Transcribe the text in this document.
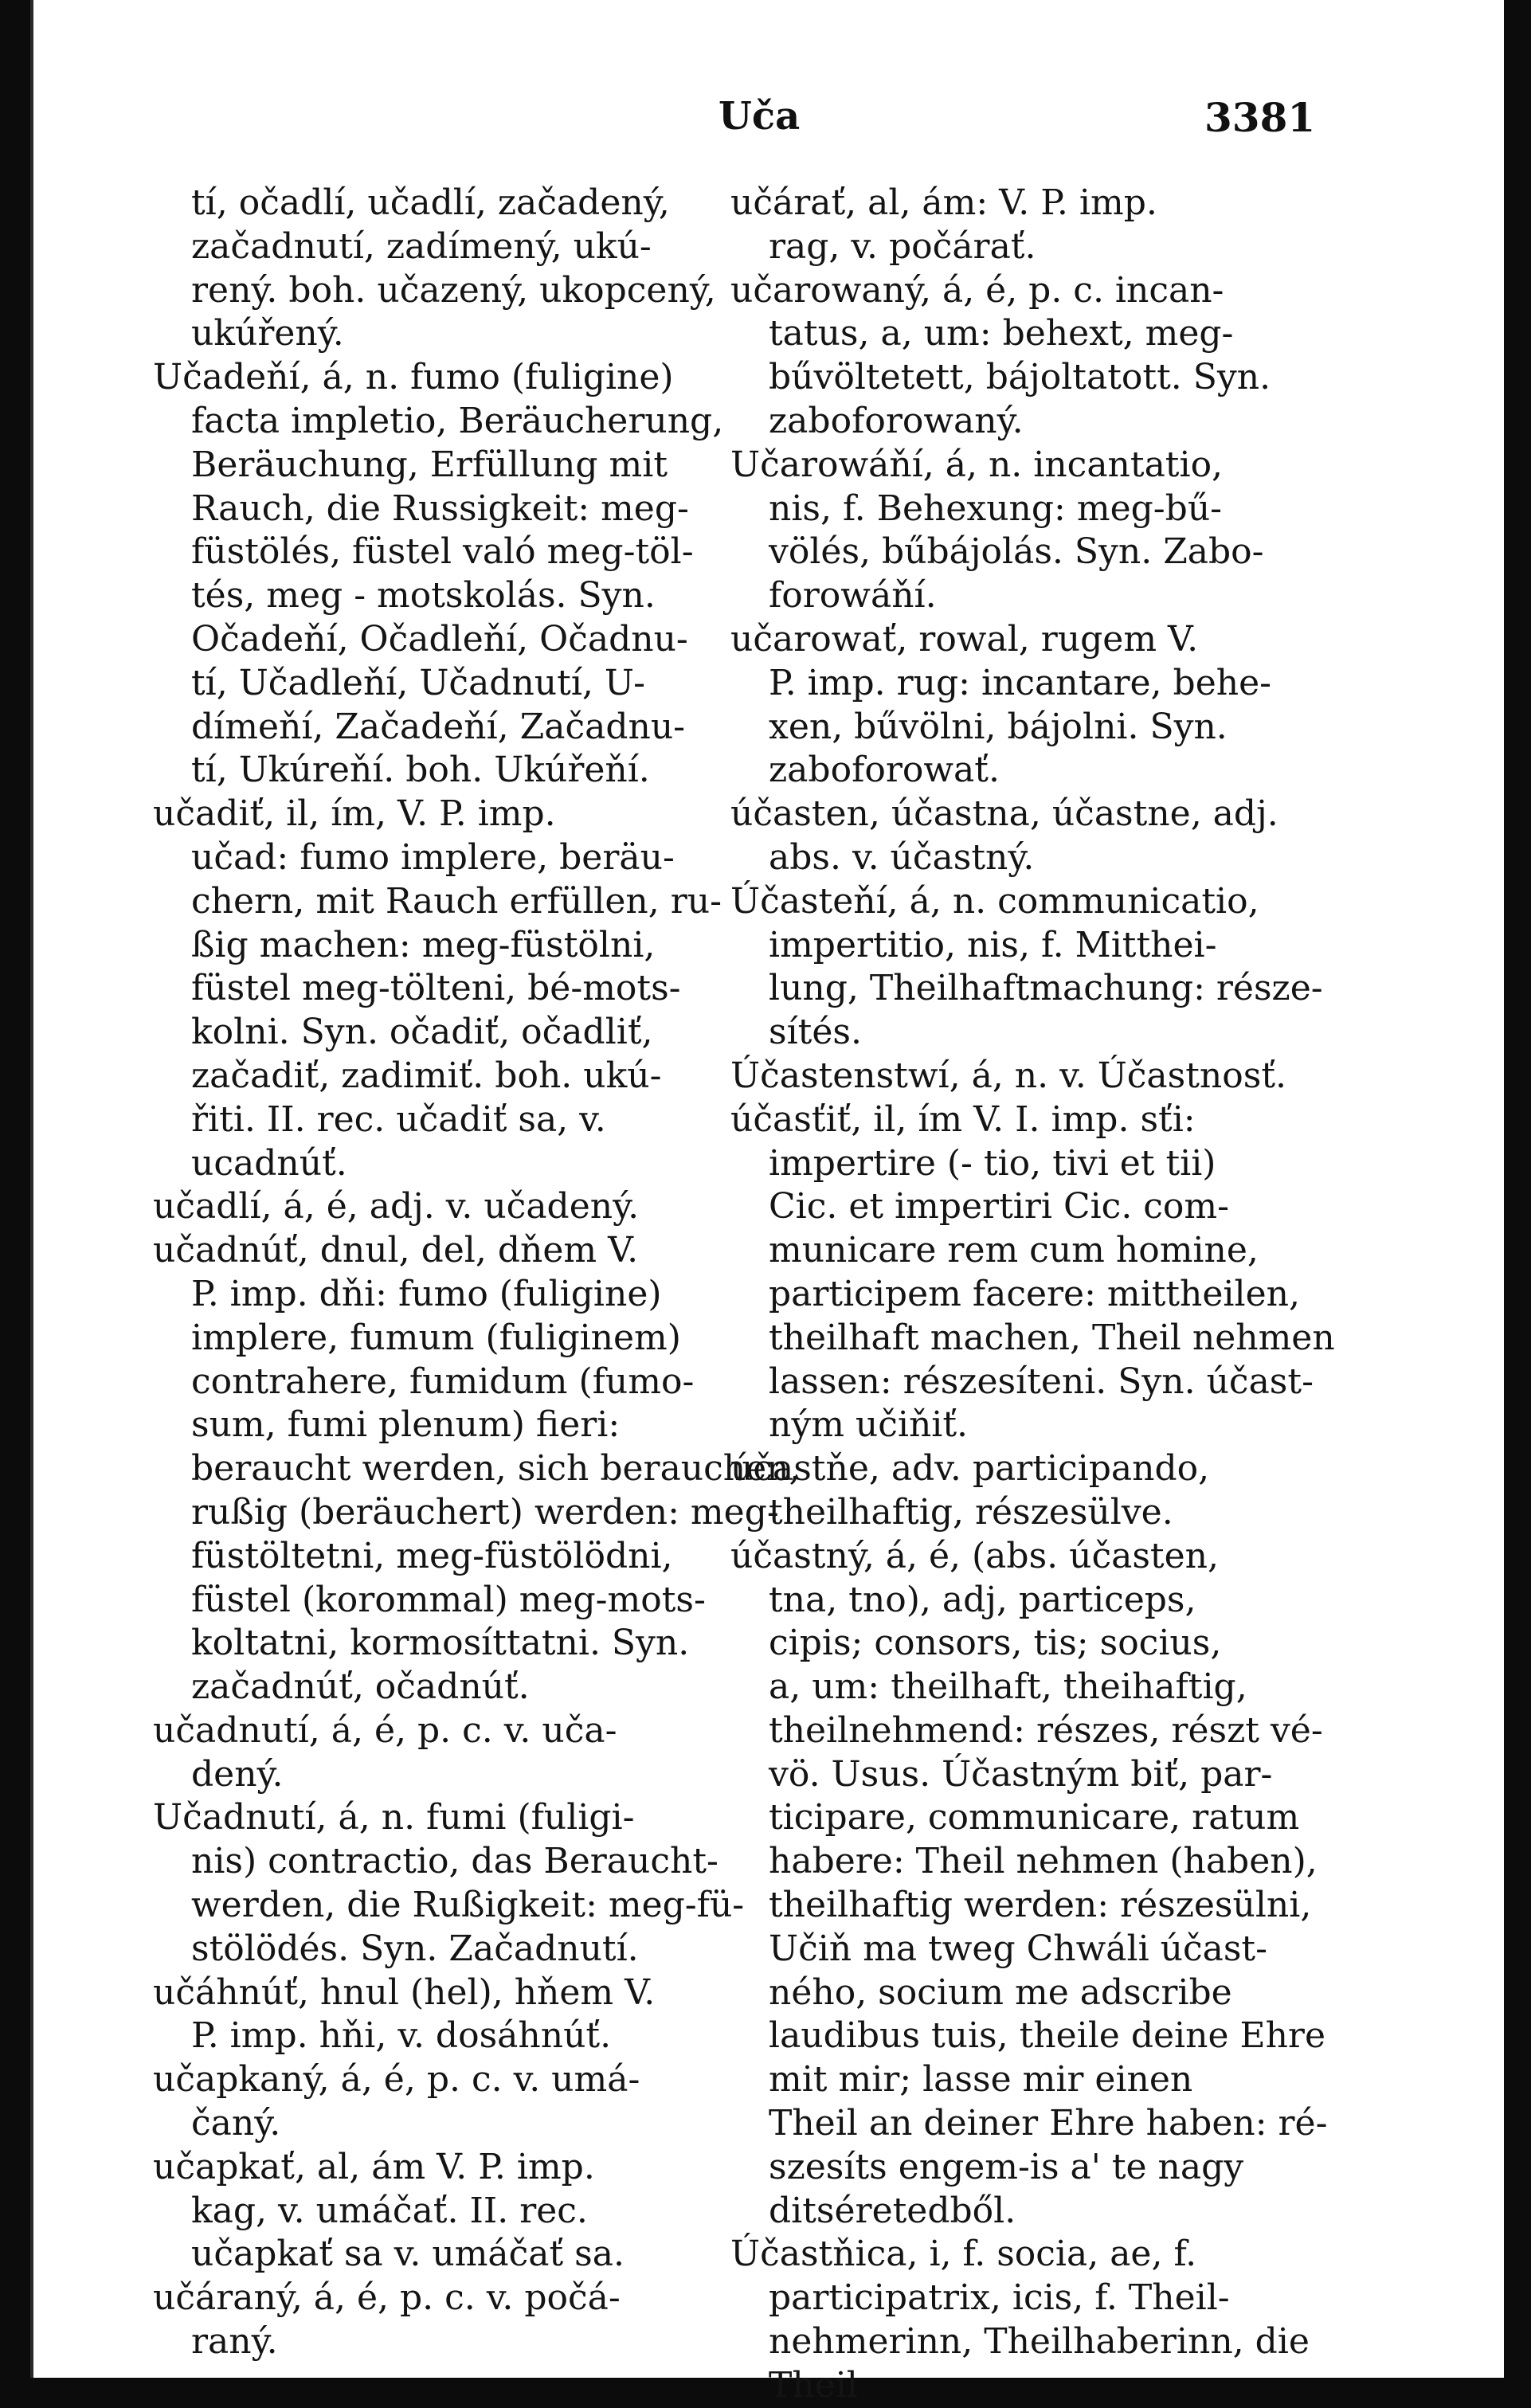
Uča	3381
tí, očadlí, učadlí, začadený,
začadnutí, zadímený, ukú-
rený. boh. učazený, ukopcený,
ukúřený.
Učadeňí, á, n. fumo (fuligine)
facta impletio, Beräucherung,
Beräuchung, Erfüllung mit
Rauch, die Russigkeit: meg-
füstölés, füstel való meg-töl-
tés, meg - motskolás. Syn.
Očadeňí, Očadleňí, Očadnu-
tí, Učadleňí, Učadnutí, U-
dímeňí, Začadeňí, Začadnu-
tí, Ukúreňí. boh. Ukúřeňí.
učadiť, il, ím, V. P. imp.
učad: fumo implere, beräu-
chern, mit Rauch erfüllen, ru-
ßig machen: meg-füstölni,
füstel meg-tölteni, bé-mots-
kolni. Syn. očadiť, očadliť,
začadiť, zadimiť. boh. ukú-
řiti. II. rec. učadiť sa, v.
ucadnúť.
učadlí, á, é, adj. v. učadený.
učadnúť, dnul, del, dňem V.
P. imp. dňi: fumo (fuligine)
implere, fumum (fuliginem)
contrahere, fumidum (fumo-
sum, fumi plenum) fieri:
beraucht werden, sich berauchen,
rußig (beräuchert) werden: meg-
füstöltetni, meg-füstölödni,
füstel (korommal) meg-mots-
koltatni, kormosíttatni. Syn.
začadnúť, očadnúť.
učadnutí, á, é, p. c. v. uča-
dený.
Učadnutí, á, n. fumi (fuligi-
nis) contractio, das Beraucht-
werden, die Rußigkeit: meg-fü-
stölödés. Syn. Začadnutí.
učáhnúť, hnul (hel), hňem V.
P. imp. hňi, v. dosáhnúť.
učapkaný, á, é, p. c. v. umá-
čaný.
učapkať, al, ám V. P. imp.
kag, v. umáčať. II. rec.
učapkať sa v. umáčať sa.
učáraný, á, é, p. c. v. počá-
raný.
učárať, al, ám: V. P. imp.
rag, v. počárať.
učarowaný, á, é, p. c. incan-
tatus, a, um: behext, meg-
bűvöltetett, bájoltatott. Syn.
zaboforowaný.
Učarowáňí, á, n. incantatio,
nis, f. Behexung: meg-bű-
völés, bűbájolás. Syn. Zabo-
forowáňí.
učarowať, rowal, rugem V.
P. imp. rug: incantare, behe-
xen, bűvölni, bájolni. Syn.
zaboforowať.
účasten, účastna, účastne, adj.
abs. v. účastný.
Účasteňí, á, n. communicatio,
impertitio, nis, f. Mitthei-
lung, Theilhaftmachung: része-
sítés.
Účastenstwí, á, n. v. Účastnosť.
účasťiť, il, ím V. I. imp. sťi:
impertire (- tio, tivi et tii)
Cic. et impertiri Cic. com-
municare rem cum homine,
participem facere: mittheilen,
theilhaft machen, Theil nehmen
lassen: részesíteni. Syn. účast-
ným učiňiť.
účastňe, adv. participando,
theilhaftig, részesülve.
účastný, á, é, (abs. účasten,
tna, tno), adj, particeps,
cipis; consors, tis; socius,
a, um: theilhaft, theihaftig,
theilnehmend: részes, részt vé-
vö. Usus. Účastným biť, par-
ticipare, communicare, ratum
habere: Theil nehmen (haben),
theilhaftig werden: részesülni,
Učiň ma tweg Chwáli účast-
ného, socium me adscribe
laudibus tuis, theile deine Ehre
mit mir; lasse mir einen
Theil an deiner Ehre haben: ré-
szesíts engem-is a' te nagy
ditséretedből.
Účastňica, i, f. socia, ae, f.
participatrix, icis, f. Theil-
nehmerinn, Theilhaberinn, die
Theil
